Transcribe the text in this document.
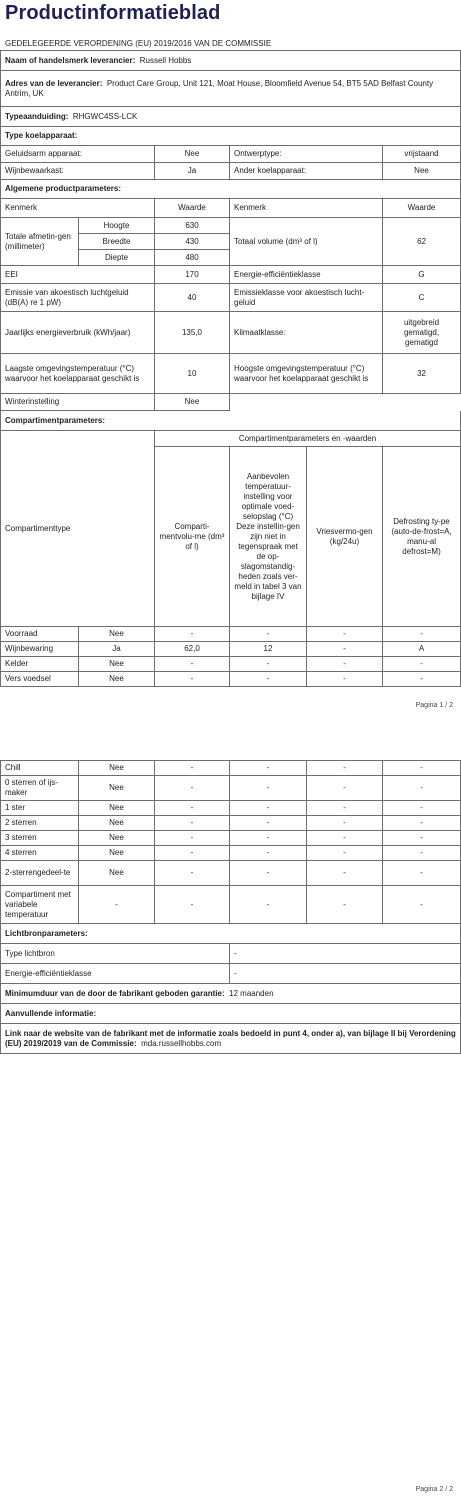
Productinformatieblad
GEDELEGEERDE VERORDENING (EU) 2019/2016 VAN DE COMMISSIE
Naam of handelsmerk leverancier: Russell Hobbs					
Adres van de leverancier: Product Care Group, Unit 121, Moat House, Bloomfield Avenue 54, BT5 5AD Belfast County Antrim, UK					
Typeaanduiding: RHGWC4SS-LCK					
Type koelapparaat:					
Geluidsarm apparaat:		Nee	Ontwerptype:		vrijstaand
Wijnbewaarkast:		Ja	Ander koelapparaat:		Nee
Algemene productparameters:					
Kenmerk		Waarde	Kenmerk		Waarde
Totale afmetin-gen (millimeter)	Hoogte	630	Totaal volume (dm³ of l)		62
	Breedte	430			
	Diepte	480			
EEI		170	Energie-efficiëntieklasse		G
Emissie van akoestisch luchtgeluid (dB(A) re 1 pW)		40	Emissieklasse voor akoestisch lucht-geluid		C
Jaarlijks energieverbruik (kWh/jaar)		135,0	Klimaatklasse:		uitgebreid gematigd, gematigd
Laagste omgevingstemperatuur (°C) waarvoor het koelapparaat geschikt is		10	Hoogste omgevingstemperatuur (°C) waarvoor het koelapparaat geschikt is		32
Winterinstelling		Nee			
Compartimentparameters:					
Compartimenttype		Compartimentparameters en -waarden			
		Comparti-mentvolu-me (dm³ of l)	Aanbevolen temperatuur-instelling voor optimale voed-selopslag (°C) Deze instellin-gen zijn niet in tegenspraak met de op-slagomstandig-heden zoals ver-meld in tabel 3 van bijlage IV	Vriesvermo-gen (kg/24u)	Defrosting ty-pe (auto-de-frost=A, manu-al defrost=M)
Voorraad	Nee	-	-	-	-
Wijnbewaring	Ja	62,0	12	-	A
Kelder	Nee	-	-	-	-
Vers voedsel	Nee	-	-	-	-
Pagina 1 / 2
Chill	Nee	-	-	-	-
0 sterren of ijs-maker	Nee	-	-	-	-
1 ster	Nee	-	-	-	-
2 sterren	Nee	-	-	-	-
3 sterren	Nee	-	-	-	-
4 sterren	Nee	-	-	-	-
2-sterrengedeel-te	Nee	-	-	-	-
Compartiment met variabele temperatuur	-	-	-	-	-
Lichtbronparameters:					
Type lichtbron			-		
Energie-efficiëntieklasse			-		
Minimumduur van de door de fabrikant geboden garantie: 12 maanden					
Aanvullende informatie:					
Link naar de website van de fabrikant met de informatie zoals bedoeld in punt 4, onder a), van bijlage II bij Verordening (EU) 2019/2019 van de Commissie: mda.russellhobbs.com					
Pagina 2 / 2
